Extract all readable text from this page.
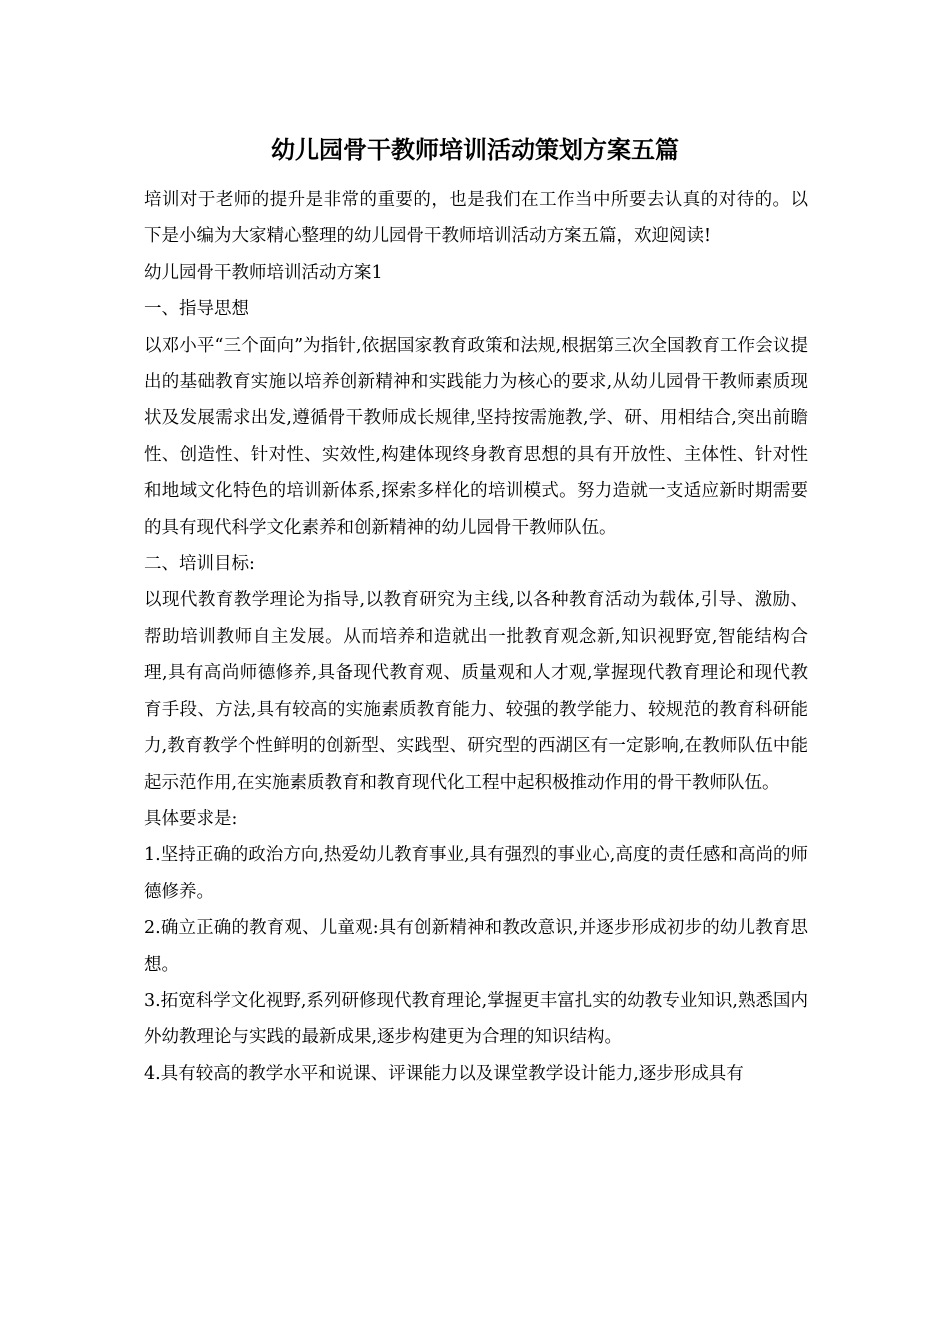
幼儿园骨干教师培训活动策划方案五篇

培训对于老师的提升是非常的重要的，也是我们在工作当中所要去认真的对待的。以下是小编为大家精心整理的幼儿园骨干教师培训活动方案五篇，欢迎阅读!

幼儿园骨干教师培训活动方案1

一、指导思想

以邓小平“三个面向”为指针,依据国家教育政策和法规,根据第三次全国教育工作会议提出的基础教育实施以培养创新精神和实践能力为核心的要求,从幼儿园骨干教师素质现状及发展需求出发,遵循骨干教师成长规律,坚持按需施教,学、研、用相结合,突出前瞻性、创造性、针对性、实效性,构建体现终身教育思想的具有开放性、主体性、针对性和地域文化特色的培训新体系,探索多样化的培训模式。努力造就一支适应新时期需要的具有现代科学文化素养和创新精神的幼儿园骨干教师队伍。

二、培训目标:

以现代教育教学理论为指导,以教育研究为主线,以各种教育活动为载体,引导、激励、帮助培训教师自主发展。从而培养和造就出一批教育观念新,知识视野宽,智能结构合理,具有高尚师德修养,具备现代教育观、质量观和人才观,掌握现代教育理论和现代教育手段、方法,具有较高的实施素质教育能力、较强的教学能力、较规范的教育科研能力,教育教学个性鲜明的创新型、实践型、研究型的西湖区有一定影响,在教师队伍中能起示范作用,在实施素质教育和教育现代化工程中起积极推动作用的骨干教师队伍。

具体要求是:

1.坚持正确的政治方向,热爱幼儿教育事业,具有强烈的事业心,高度的责任感和高尚的师德修养。

2.确立正确的教育观、儿童观:具有创新精神和教改意识,并逐步形成初步的幼儿教育思想。

3.拓宽科学文化视野,系列研修现代教育理论,掌握更丰富扎实的幼教专业知识,熟悉国内外幼教理论与实践的最新成果,逐步构建更为合理的知识结构。

4.具有较高的教学水平和说课、评课能力以及课堂教学设计能力,逐步形成具有
